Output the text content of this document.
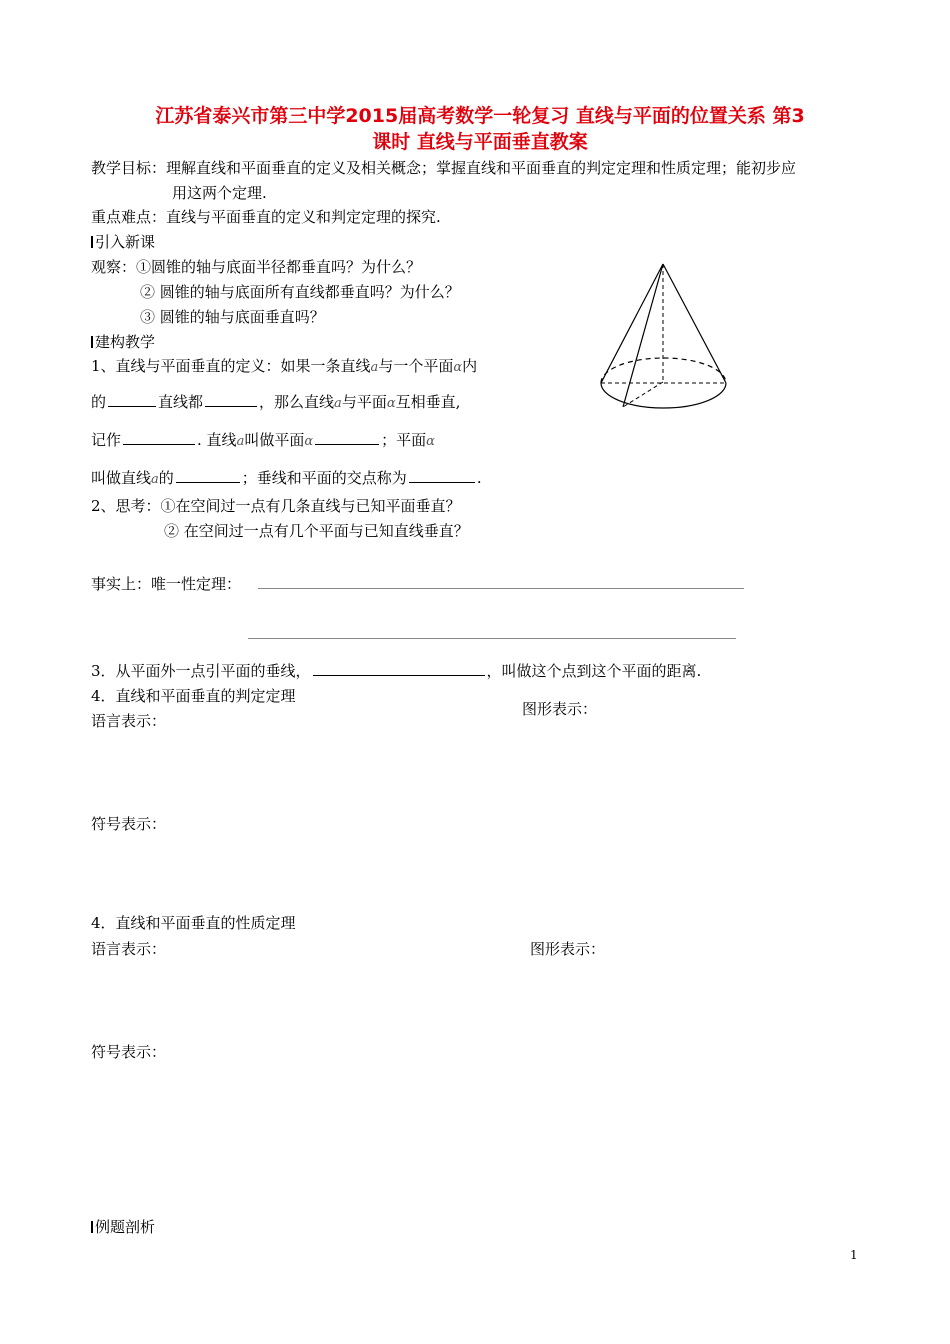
江苏省泰兴市第三中学2015届高考数学一轮复习 直线与平面的位置关系 第3
课时 直线与平面垂直教案
教学目标：理解直线和平面垂直的定义及相关概念；掌握直线和平面垂直的判定定理和性质定理；能初步应
用这两个定理.
重点难点：直线与平面垂直的定义和判定定理的探究.
引入新课
观察：①圆锥的轴与底面半径都垂直吗？为什么？
② 圆锥的轴与底面所有直线都垂直吗？为什么？
③ 圆锥的轴与底面垂直吗？
建构教学
1、直线与平面垂直的定义：如果一条直线a与一个平面α内
的	直线都	，那么直线a与平面α互相垂直,
记作	. 直线a叫做平面α	；平面α
叫做直线a的	；垂线和平面的交点称为	.
2、思考：①在空间过一点有几条直线与已知平面垂直？
② 在空间过一点有几个平面与已知直线垂直？
事实上：唯一性定理：
3．从平面外一点引平面的垂线，	，叫做这个点到这个平面的距离.
4．直线和平面垂直的判定定理
图形表示：
语言表示：
符号表示：
4．直线和平面垂直的性质定理
语言表示：	图形表示：
符号表示：
例题剖析
1
